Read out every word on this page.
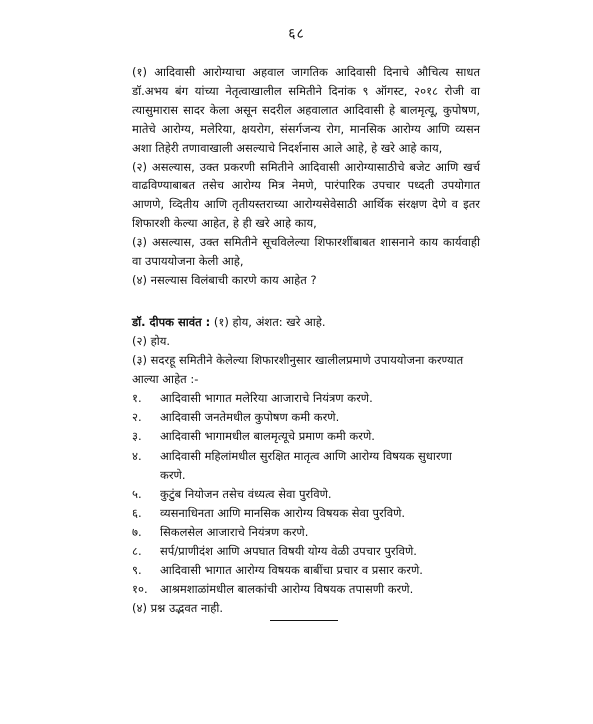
६८

(१) आदिवासी आरोग्याचा अहवाल जागतिक आदिवासी दिनाचे औचित्य साधत डॉ.अभय बंग यांच्या नेतृत्वाखालील समितीने दिनांक ९ ऑगस्ट, २०१८ रोजी वा त्यासुमारास सादर केला असून सदरील अहवालात आदिवासी हे बालमृत्यू, कुपोषण, मातेचे आरोग्य, मलेरिया, क्षयरोग, संसर्गजन्य रोग, मानसिक आरोग्य आणि व्यसन अशा तिहेरी तणावाखाली असल्याचे निदर्शनास आले आहे, हे खरे आहे काय,

(२) असल्यास, उक्त प्रकरणी समितीने आदिवासी आरोग्यासाठीचे बजेट आणि खर्च वाढविण्याबाबत तसेच आरोग्य मित्र नेमणे, पारंपारिक उपचार पध्दती उपयोगात आणणे, व्दितीय आणि तृतीयस्तराच्या आरोग्यसेवेसाठी आर्थिक संरक्षण देणे व इतर शिफारशी केल्या आहेत, हे ही खरे आहे काय,

(३) असल्यास, उक्त समितीने सूचविलेल्या शिफारशींबाबत शासनाने काय कार्यवाही वा उपाययोजना केली आहे,

(४) नसल्यास विलंबाची कारणे काय आहेत ?

डॉ. दीपक सावंत : (१) होय, अंशत: खरे आहे.

(२) होय.

(३) सदरहू समितीने केलेल्या शिफारशीनुसार खालीलप्रमाणे उपाययोजना करण्यात आल्या आहेत :-

१. आदिवासी भागात मलेरिया आजाराचे नियंत्रण करणे.
२. आदिवासी जनतेमधील कुपोषण कमी करणे.
३. आदिवासी भागामधील बालमृत्यूचे प्रमाण कमी करणे.
४. आदिवासी महिलांमधील सुरक्षित मातृत्व आणि आरोग्य विषयक सुधारणा करणे.
५. कुटुंब नियोजन तसेच वंध्यत्व सेवा पुरविणे.
६. व्यसनाधिनता आणि मानसिक आरोग्य विषयक सेवा पुरविणे.
७. सिकलसेल आजाराचे नियंत्रण करणे.
८. सर्प/प्राणीदंश आणि अपघात विषयी योग्य वेळी उपचार पुरविणे.
९. आदिवासी भागात आरोग्य विषयक बाबींचा प्रचार व प्रसार करणे.
१०. आश्रमशाळांमधील बालकांची आरोग्य विषयक तपासणी करणे.

(४) प्रश्न उद्भवत नाही.
